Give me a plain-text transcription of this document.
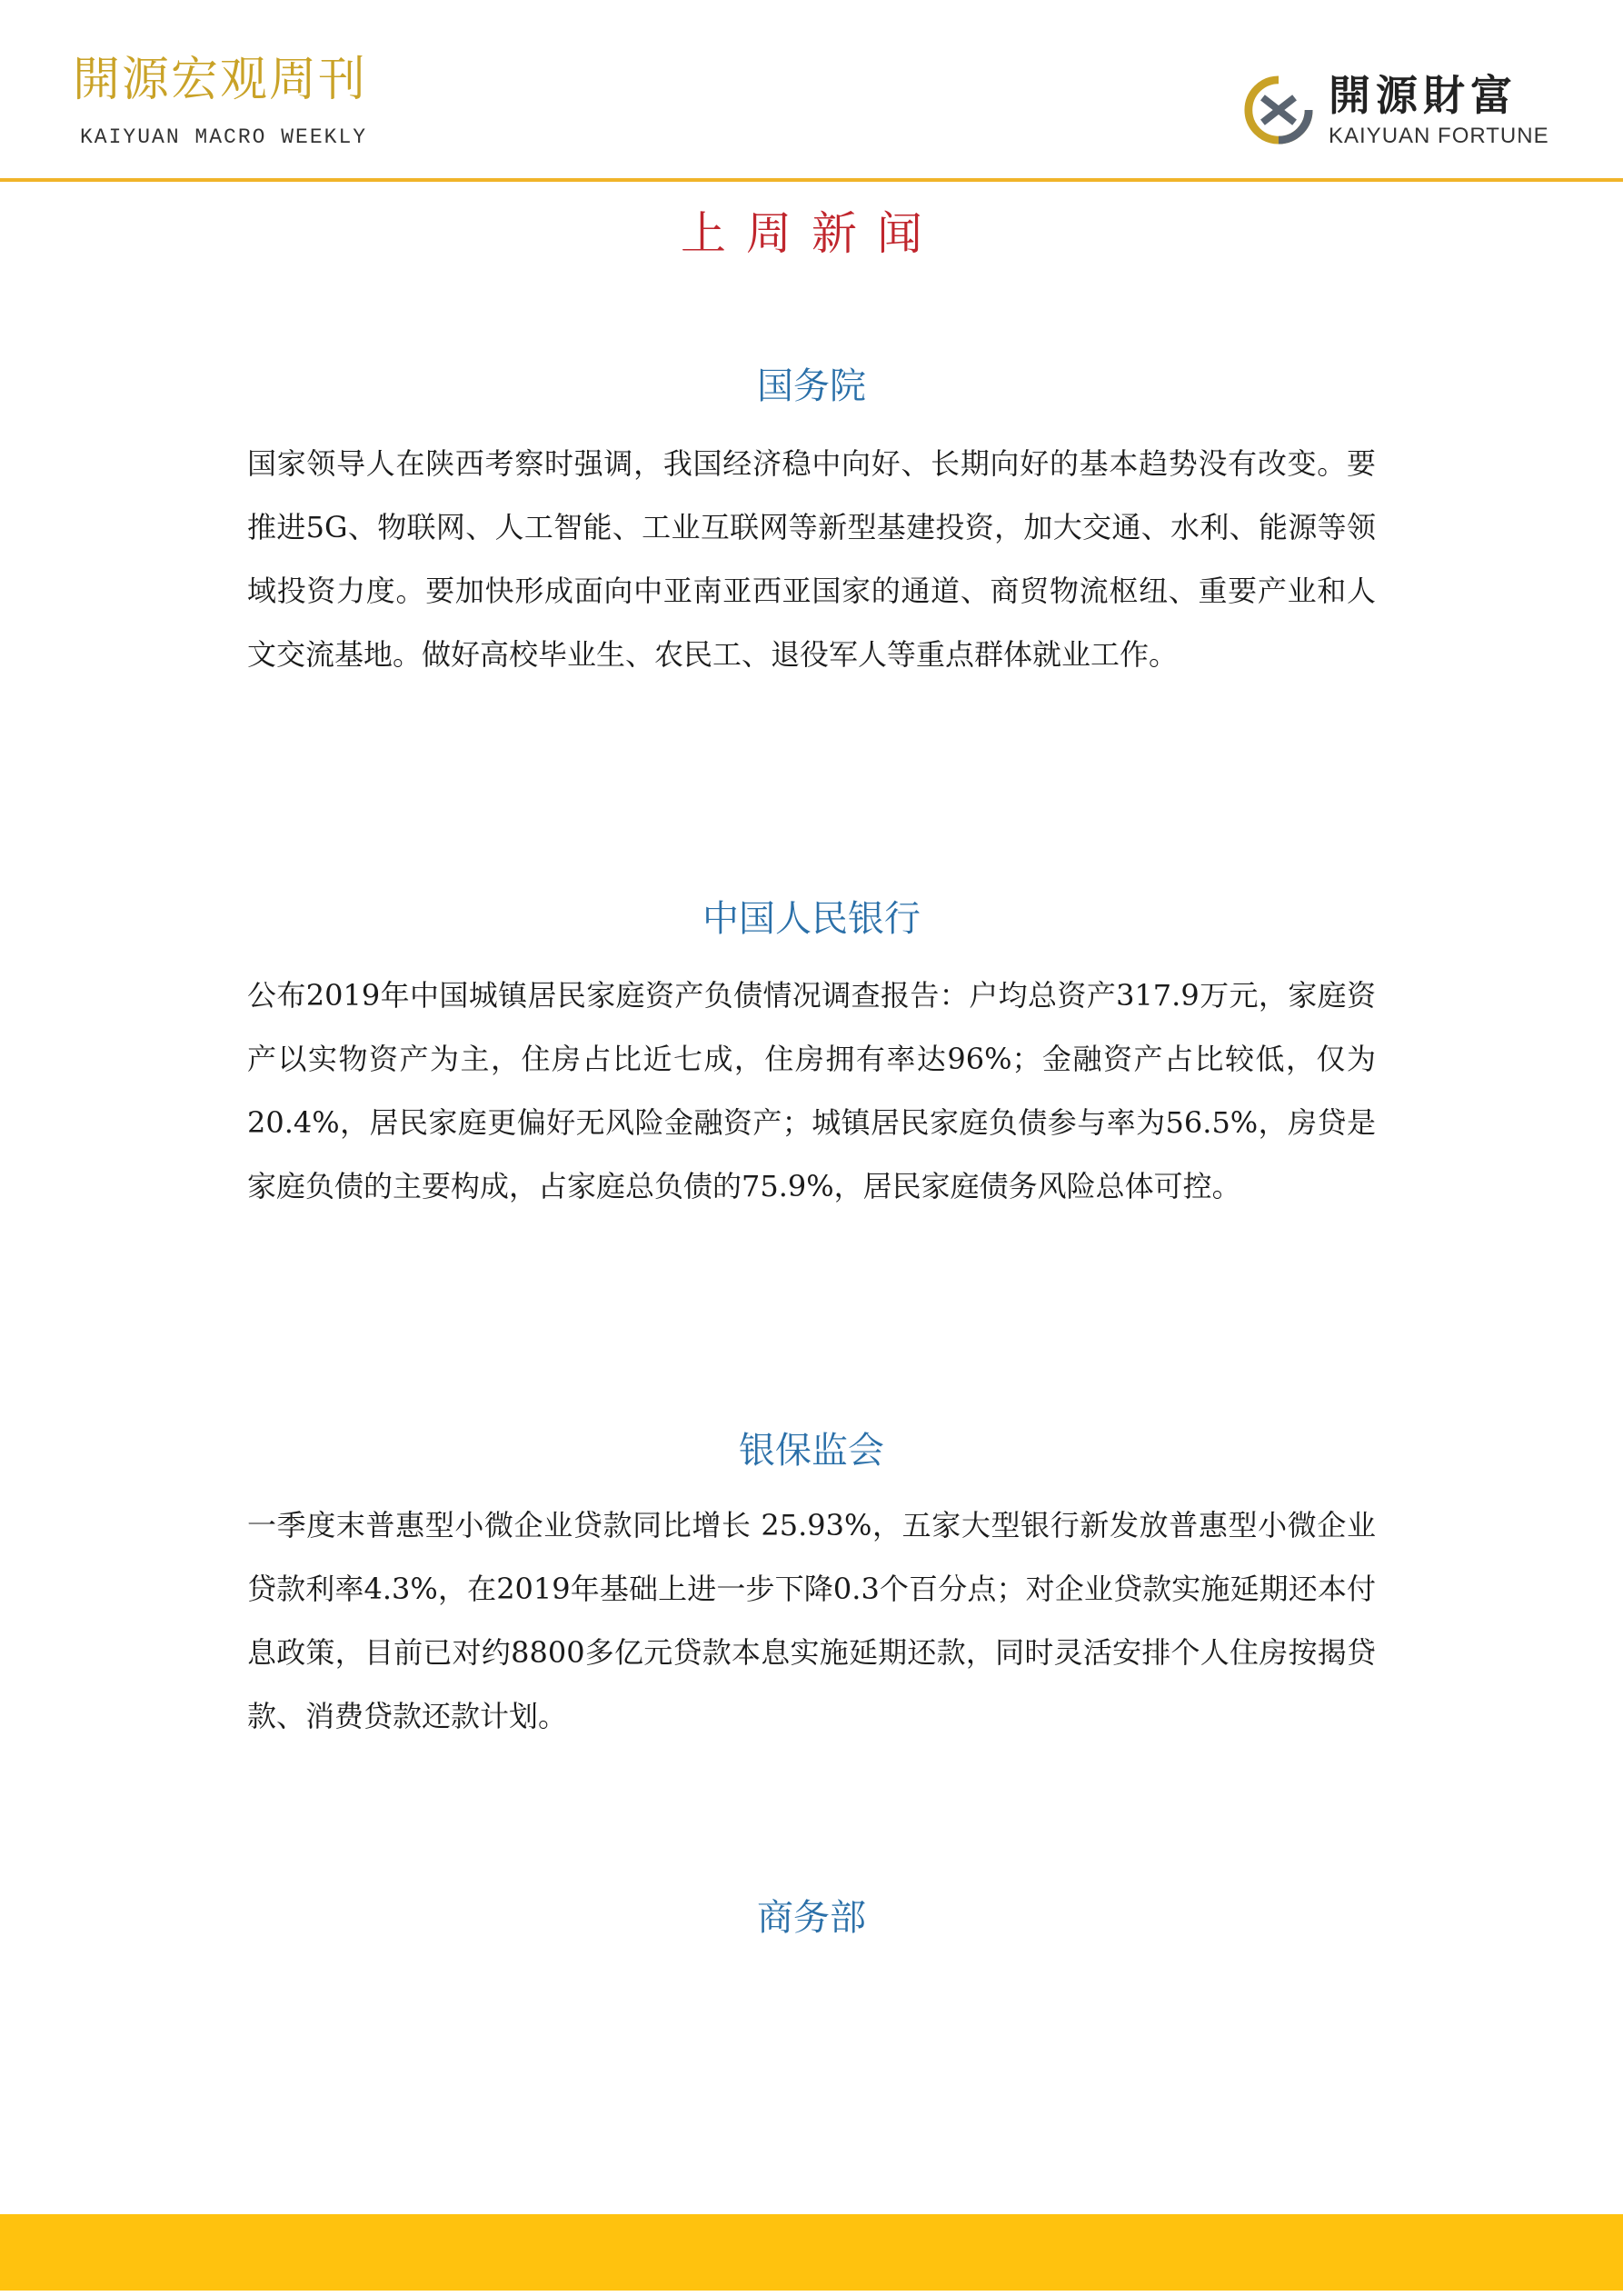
開源宏观周刊
KAIYUAN MACRO WEEKLY
開源財富
KAIYUAN FORTUNE
上周新闻
国务院

国家领导人在陕西考察时强调，我国经济稳中向好、长期向好的基本趋势没有改变。要推进5G、物联网、人工智能、工业互联网等新型基建投资，加大交通、水利、能源等领域投资力度。要加快形成面向中亚南亚西亚国家的通道、商贸物流枢纽、重要产业和人文交流基地。做好高校毕业生、农民工、退役军人等重点群体就业工作。

中国人民银行

公布2019年中国城镇居民家庭资产负债情况调查报告：户均总资产317.9万元，家庭资产以实物资产为主，住房占比近七成，住房拥有率达96%；金融资产占比较低，仅为20.4%，居民家庭更偏好无风险金融资产；城镇居民家庭负债参与率为56.5%，房贷是家庭负债的主要构成，占家庭总负债的75.9%，居民家庭债务风险总体可控。

银保监会

一季度末普惠型小微企业贷款同比增长 25.93%，五家大型银行新发放普惠型小微企业贷款利率4.3%，在2019年基础上进一步下降0.3个百分点；对企业贷款实施延期还本付息政策，目前已对约8800多亿元贷款本息实施延期还款，同时灵活安排个人住房按揭贷款、消费贷款还款计划。

商务部
